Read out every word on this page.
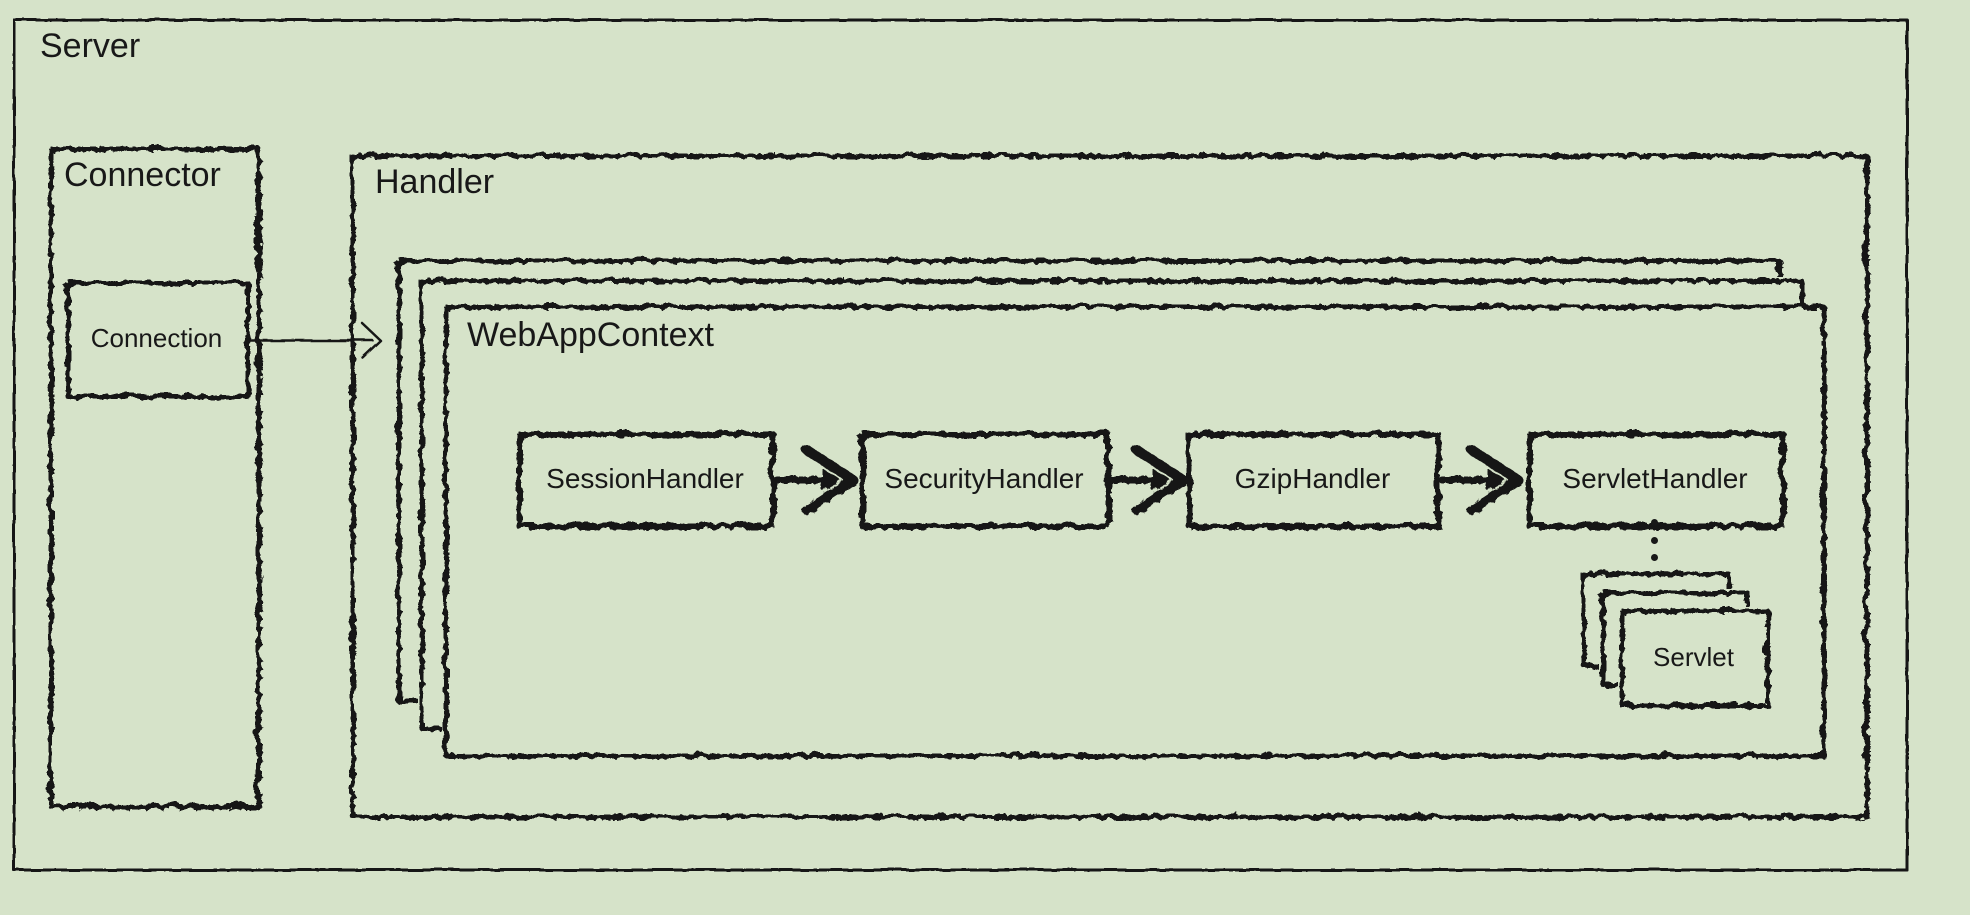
Server
Connector
Connection
Handler
WebAppContext
SessionHandler	SecurityHandler	GzipHandler	ServletHandler
Servlet
